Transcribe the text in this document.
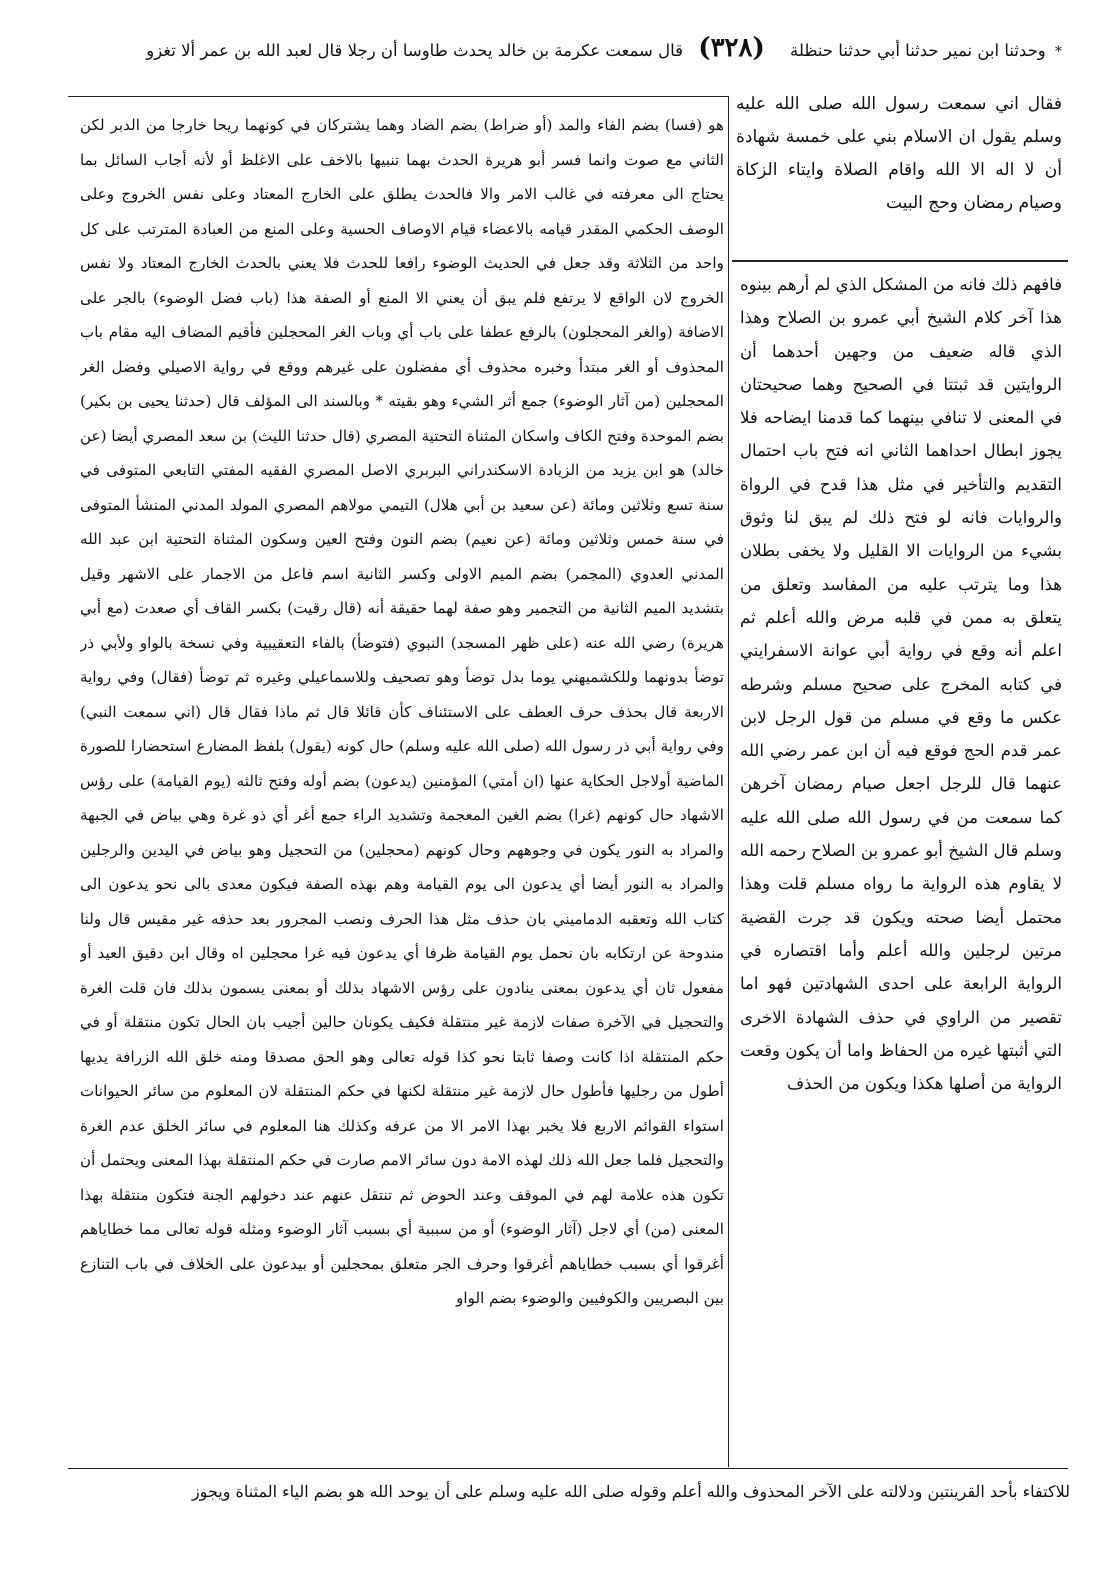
* وحدثنا ابن نمير حدثنا أبي حدثنا حنظلة (٣٢٨) قال سمعت عكرمة بن خالد يحدث طاوسا أن رجلا قال لعبد الله بن عمر ألا تغزو
فقال اني سمعت رسول الله صلى الله عليه وسلم يقول ان الاسلام بني على خمسة شهادة أن لا اله الا الله واقام الصلاة وايتاء الزكاة وصيام رمضان وحج البيت
فافهم ذلك فانه من المشكل الذي لم أرهم بينوه هذا آخر كلام الشيخ أبي عمرو بن الصلاح وهذا الذي قاله ضعيف من وجهين أحدهما أن الروايتين قد ثبتتا في الصحيح وهما صحيحتان في المعنى لا تنافي بينهما كما قدمنا ايضاحه فلا يجوز ابطال احداهما الثاني انه فتح باب احتمال التقديم والتأخير في مثل هذا قدح في الرواة والروايات فانه لو فتح ذلك لم يبق لنا وثوق بشيء من الروايات الا القليل ولا يخفى بطلان هذا وما يترتب عليه من المفاسد وتعلق من يتعلق به ممن في قلبه مرض والله أعلم ثم اعلم أنه وقع في رواية أبي عوانة الاسفرايني في كتابه المخرج على صحيح مسلم وشرطه عكس ما وقع في مسلم من قول الرجل لابن عمر قدم الحج فوقع فيه أن ابن عمر رضي الله عنهما قال للرجل اجعل صيام رمضان آخرهن كما سمعت من في رسول الله صلى الله عليه وسلم قال الشيخ أبو عمرو بن الصلاح رحمه الله لا يقاوم هذه الرواية ما رواه مسلم قلت وهذا محتمل أيضا صحته ويكون قد جرت القضية مرتين لرجلين والله أعلم وأما اقتصاره في الرواية الرابعة على احدى الشهادتين فهو اما تقصير من الراوي في حذف الشهادة الاخرى التي أثبتها غيره من الحفاظ واما أن يكون وقعت الرواية من أصلها هكذا ويكون من الحذف

هو (فسا) بضم الفاء والمد (أو ضراط) بضم الضاد وهما يشتركان في كونهما ريحا خارجا من الدبر لكن الثاني مع صوت وانما فسر أبو هريرة الحدث بهما تنبيها بالاخف على الاغلظ أو لأنه أجاب السائل بما يحتاج الى معرفته في غالب الامر والا فالحدث يطلق على الخارج المعتاد وعلى نفس الخروج وعلى الوصف الحكمي المقدر قيامه بالاعضاء قيام الاوصاف الحسية وعلى المنع من العبادة المترتب على كل واحد من الثلاثة وقد جعل في الحديث الوضوء رافعا للحدث فلا يعني بالحدث الخارج المعتاد ولا نفس الخروج لان الواقع لا يرتفع فلم يبق أن يعني الا المنع أو الصفة هذا (باب فضل الوضوء) بالجر على الاضافة (والغر المحجلون) بالرفع عطفا على باب أي وباب الغر المحجلين فأقيم المضاف اليه مقام باب المحذوف أو الغر مبتدأ وخبره محذوف أي مفضلون على غيرهم ووقع في رواية الاصيلي وفضل الغر المحجلين (من آثار الوضوء) جمع أثر الشيء وهو بقيته * وبالسند الى المؤلف قال (حدثنا يحيى بن بكير) بضم الموحدة وفتح الكاف واسكان المثناة التحتية المصري (قال حدثنا الليث) بن سعد المصري أيضا (عن خالد) هو ابن يزيد من الزيادة الاسكندراني البربري الاصل المصري الفقيه المفتي التابعي المتوفى في سنة تسع وثلاثين ومائة (عن سعيد بن أبي هلال) التيمي مولاهم المصري المولد المدني المنشأ المتوفى في سنة خمس وثلاثين ومائة (عن نعيم) بضم النون وفتح العين وسكون المثناة التحتية ابن عبد الله المدني العدوي (المجمر) بضم الميم الاولى وكسر الثانية اسم فاعل من الاجمار على الاشهر وقيل بتشديد الميم الثانية من التجمير وهو صفة لهما حقيقة أنه (قال رقيت) بكسر القاف أي صعدت (مع أبي هريرة) رضي الله عنه (على ظهر المسجد) النبوي (فتوضأ) بالفاء التعقيبية وفي نسخة بالواو ولأبي ذر توضأ بدونهما وللكشميهني يوما بدل توضأ وهو تصحيف وللاسماعيلي وغيره ثم توضأ (فقال) وفي رواية الاربعة قال بحذف حرف العطف على الاستئناف كأن قائلا قال ثم ماذا فقال قال (اني سمعت النبي) وفي رواية أبي ذر رسول الله (صلى الله عليه وسلم) حال كونه (يقول) بلفظ المضارع استحضارا للصورة الماضية أولاجل الحكاية عنها (ان أمتي) المؤمنين (يدعون) بضم أوله وفتح ثالثه (يوم القيامة) على رؤس الاشهاد حال كونهم (غرا) بضم الغين المعجمة وتشديد الراء جمع أغر أي ذو غرة وهي بياض في الجبهة والمراد به النور يكون في وجوههم وحال كونهم (محجلين) من التحجيل وهو بياض في اليدين والرجلين والمراد به النور أيضا أي يدعون الى يوم القيامة وهم بهذه الصفة فيكون معدى بالى نحو يدعون الى كتاب الله وتعقبه الدماميني بان حذف مثل هذا الحرف ونصب المجرور بعد حذفه غير مقيس قال ولنا مندوحة عن ارتكابه بان نحمل يوم القيامة ظرفا أي يدعون فيه غرا محجلين اه وقال ابن دقيق العيد أو مفعول ثان أي يدعون بمعنى ينادون على رؤس الاشهاد بذلك أو بمعنى يسمون بذلك فان قلت الغرة والتحجيل في الآخرة صفات لازمة غير منتقلة فكيف يكونان حالين أجيب بان الحال تكون منتقلة أو في حكم المنتقلة اذا كانت وصفا ثابتا نحو كذا قوله تعالى وهو الحق مصدقا ومنه خلق الله الزرافة يديها أطول من رجليها فأطول حال لازمة غير منتقلة لكنها في حكم المنتقلة لان المعلوم من سائر الحيوانات استواء القوائم الاربع فلا يخبر بهذا الامر الا من عرفه وكذلك هنا المعلوم في سائر الخلق عدم الغرة والتحجيل فلما جعل الله ذلك لهذه الامة دون سائر الامم صارت في حكم المنتقلة بهذا المعنى ويحتمل أن تكون هذه علامة لهم في الموقف وعند الحوض ثم تنتقل عنهم عند دخولهم الجنة فتكون منتقلة بهذا المعنى (من) أي لاجل (آثار الوضوء) أو من سببية أي بسبب آثار الوضوء ومثله قوله تعالى مما خطاياهم أغرقوا أي بسبب خطاياهم أغرقوا وحرف الجر متعلق بمحجلين أو بيدعون على الخلاف في باب التنازع بين البصريين والكوفيين والوضوء بضم الواو

للاكتفاء بأحد القرينتين ودلالته على الآخر المحذوف والله أعلم وقوله صلى الله عليه وسلم على أن يوحد الله هو بضم الياء المثناة ويجوز
